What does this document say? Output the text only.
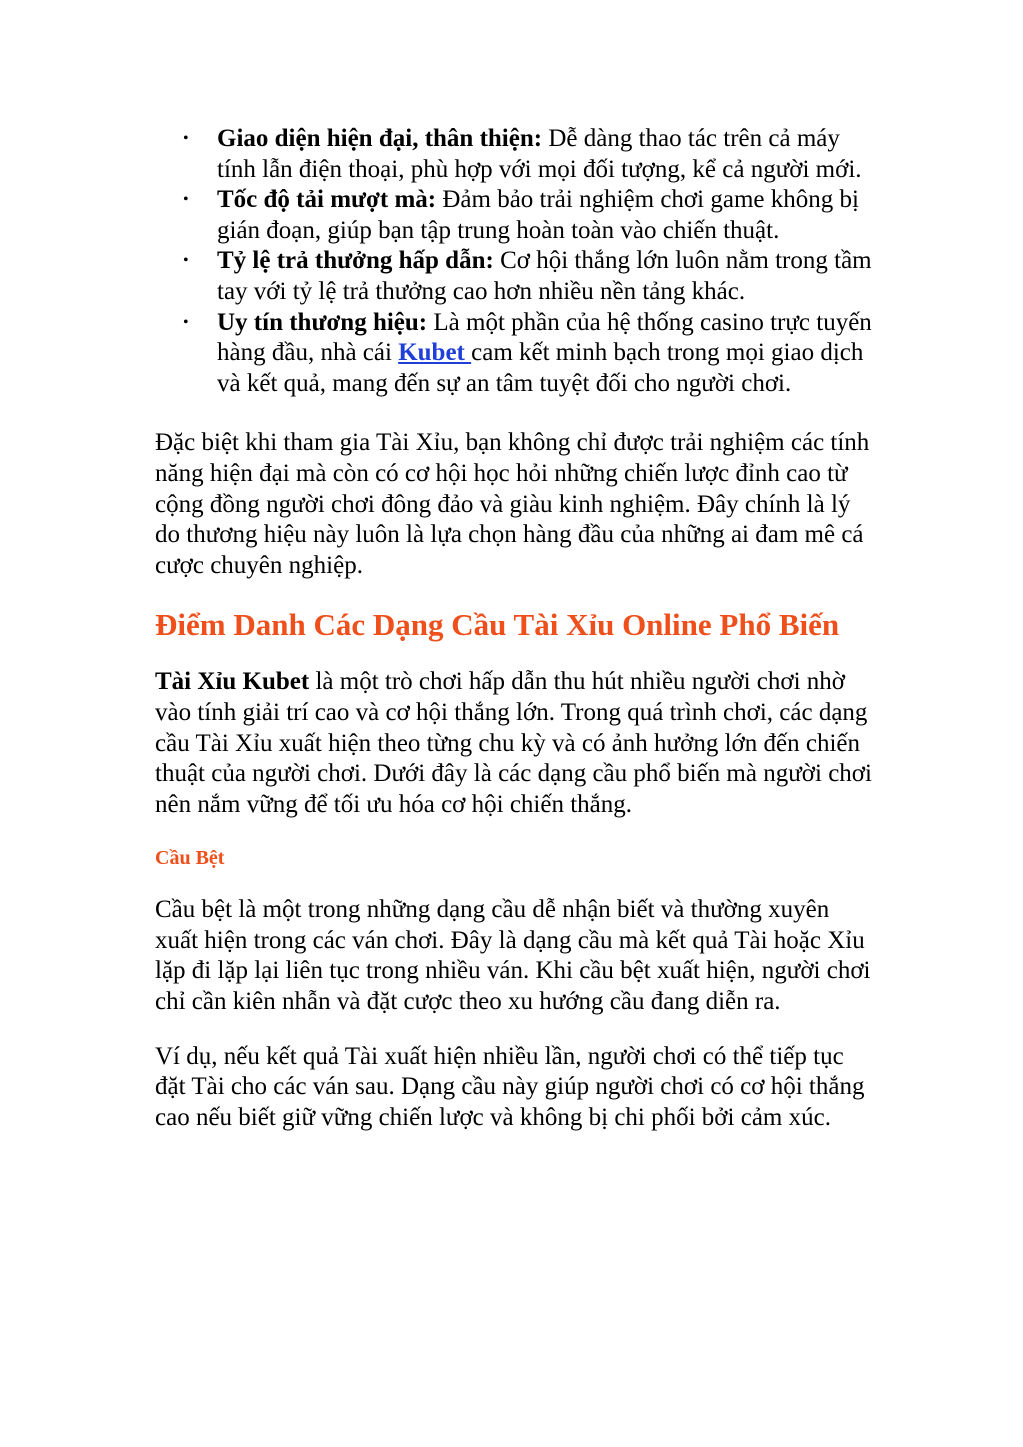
• Giao diện hiện đại, thân thiện: Dễ dàng thao tác trên cả máy tính lẫn điện thoại, phù hợp với mọi đối tượng, kể cả người mới.
• Tốc độ tải mượt mà: Đảm bảo trải nghiệm chơi game không bị gián đoạn, giúp bạn tập trung hoàn toàn vào chiến thuật.
• Tỷ lệ trả thưởng hấp dẫn: Cơ hội thắng lớn luôn nằm trong tầm tay với tỷ lệ trả thưởng cao hơn nhiều nền tảng khác.
• Uy tín thương hiệu: Là một phần của hệ thống casino trực tuyến hàng đầu, nhà cái Kubet cam kết minh bạch trong mọi giao dịch và kết quả, mang đến sự an tâm tuyệt đối cho người chơi.

Đặc biệt khi tham gia Tài Xỉu, bạn không chỉ được trải nghiệm các tính năng hiện đại mà còn có cơ hội học hỏi những chiến lược đỉnh cao từ cộng đồng người chơi đông đảo và giàu kinh nghiệm. Đây chính là lý do thương hiệu này luôn là lựa chọn hàng đầu của những ai đam mê cá cược chuyên nghiệp.

Điểm Danh Các Dạng Cầu Tài Xỉu Online Phổ Biến

Tài Xỉu Kubet là một trò chơi hấp dẫn thu hút nhiều người chơi nhờ vào tính giải trí cao và cơ hội thắng lớn. Trong quá trình chơi, các dạng cầu Tài Xỉu xuất hiện theo từng chu kỳ và có ảnh hưởng lớn đến chiến thuật của người chơi. Dưới đây là các dạng cầu phổ biến mà người chơi nên nắm vững để tối ưu hóa cơ hội chiến thắng.

Cầu Bệt

Cầu bệt là một trong những dạng cầu dễ nhận biết và thường xuyên xuất hiện trong các ván chơi. Đây là dạng cầu mà kết quả Tài hoặc Xỉu lặp đi lặp lại liên tục trong nhiều ván. Khi cầu bệt xuất hiện, người chơi chỉ cần kiên nhẫn và đặt cược theo xu hướng cầu đang diễn ra.

Ví dụ, nếu kết quả Tài xuất hiện nhiều lần, người chơi có thể tiếp tục đặt Tài cho các ván sau. Dạng cầu này giúp người chơi có cơ hội thắng cao nếu biết giữ vững chiến lược và không bị chi phối bởi cảm xúc.
